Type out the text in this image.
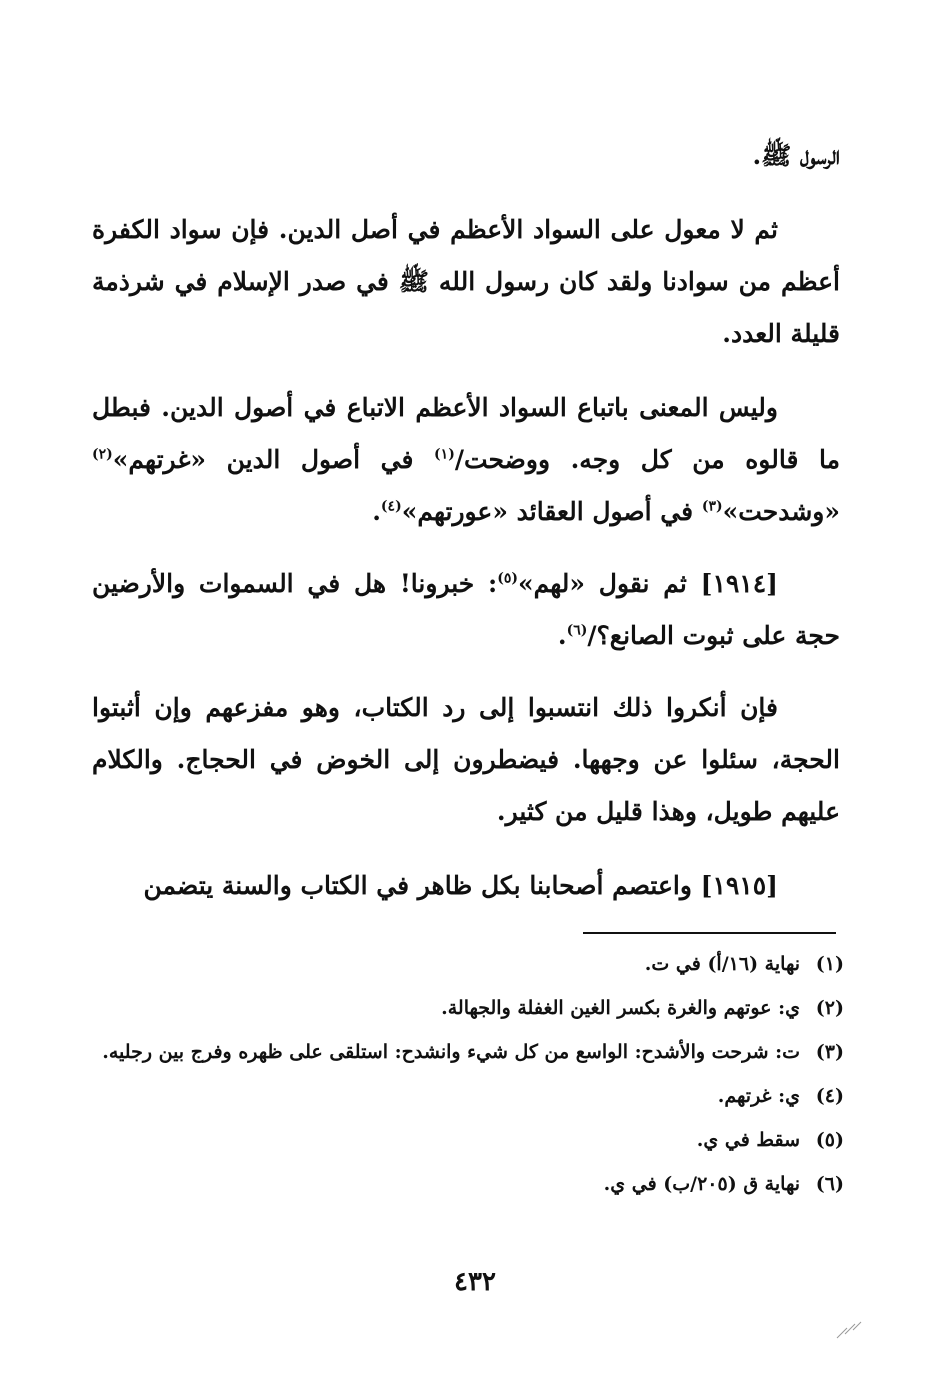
الرسول ﷺ.

ثم لا معول على السواد الأعظم في أصل الدين. فإن سواد الكفرة أعظم من سوادنا ولقد كان رسول الله ﷺ في صدر الإسلام في شرذمة قليلة العدد.

وليس المعنى باتباع السواد الأعظم الاتباع في أصول الدين. فبطل ما قالوه من كل وجه. ووضحت/$^{(١)}$ في أصول الدين «غرتهم»$^{(٢)}$ «وشدحت»$^{(٣)}$ في أصول العقائد «عورتهم»$^{(٤)}$.

[١٩١٤] ثم نقول «لهم»$^{(٥)}$: خبرونا! هل في السموات والأرضين حجة على ثبوت الصانع؟/$^{(٦)}$.

فإن أنكروا ذلك انتسبوا إلى رد الكتاب، وهو مفزعهم وإن أثبتوا الحجة، سئلوا عن وجهها. فيضطرون إلى الخوض في الحجاج. والكلام عليهم طويل، وهذا قليل من كثير.

[١٩١٥] واعتصم أصحابنا بكل ظاهر في الكتاب والسنة يتضمن

(١)
نهاية (١٦/أ) في ت.
(٢)
ي: عوتهم والغرة بكسر الغين الغفلة والجهالة.
(٣)
ت: شرحت والأشدح: الواسع من كل شيء وانشدح: استلقى على ظهره وفرج بين رجليه.
(٤)
ي: غرتهم.
(٥)
سقط في ي.
(٦)
نهاية ق (٢٠٥/ب) في ي.
٤٣٢
